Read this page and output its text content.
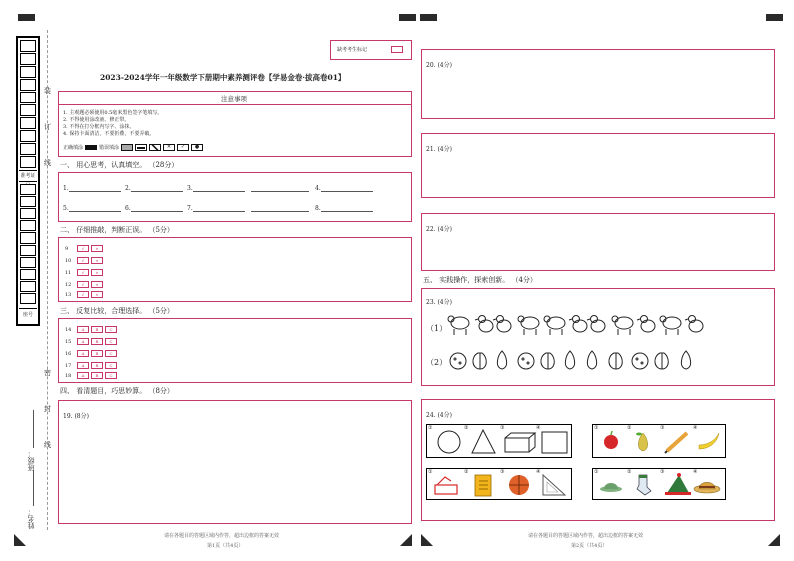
准考证
座号
装
订
线
密
封
线
班级：
姓名：
缺考考生标记
2023-2024学年一年级数学下册期中素养测评卷【学易金卷·拔高卷01】
注意事项
1. 主观题必须使用0.5毫米黑色签字笔填写。
2. 不得使用涂改液、修正带。
3. 不得在打分框内写字、涂抹。
4. 保持卡面清洁，不要折叠，不要弄破。
正确填涂	错误填涂	✕	✓	●
一、 用心思考，认真填空。 （28分）
1.	2.	3.	4.
5.	6.	7.	8.
二、 仔细推敲，判断正误。 （5分）
9	√	×
10	√	×
11	√	×
12	√	×
13	√	×
三、 反复比较，合理选择。 （5分）
14	A	B	C
15	A	B	C
16	A	B	C
17	A	B	C
18	A	B	C
四、 看清题目，巧思妙算。 （8分）
19. (8分)
请在各题目的答题区域内作答，超出边框的答案无效
第1页（共4页）
20. (4分)
21. (4分)
22. (4分)
五、 实践操作，探索创新。 （4分）
23. (4分)
（1）
（2）
24. (4分)
①	②	③	④	①	②	③	④
①	②	③	④	①	②	③	④
请在各题目的答题区域内作答，超出边框的答案无效
第2页（共4页）
